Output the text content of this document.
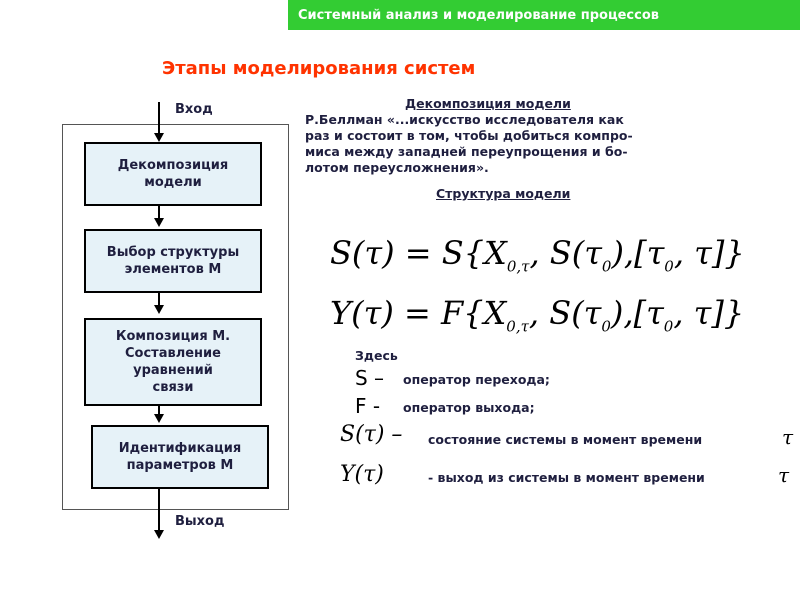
Системный анализ и моделирование процессов
Этапы моделирования систем
Вход
Декомпозиция
модели
Выбор структуры
элементов М
Композиция М.
Составление
уравнений
связи
Идентификация
параметров М
Выход
Декомпозиция модели
Р.Беллман «...искусство исследователя как
раз и состоит в том, чтобы добиться компро-
миса между западней переупрощения и бо-
лотом переусложнения».
Структура модели
$S(\tau) = S\{X_{0,\tau}$, $S(\tau_0),[\tau_0$, τ]}
$Y(\tau) = F\{X_{0,\tau}$, $S(\tau_0),[\tau_0$, τ]}
Здесь
S – оператор перехода;
F - оператор выхода;
S(τ) – состояние системы в момент времени	τ
Y(τ)	- выход из системы в момент времени	τ
